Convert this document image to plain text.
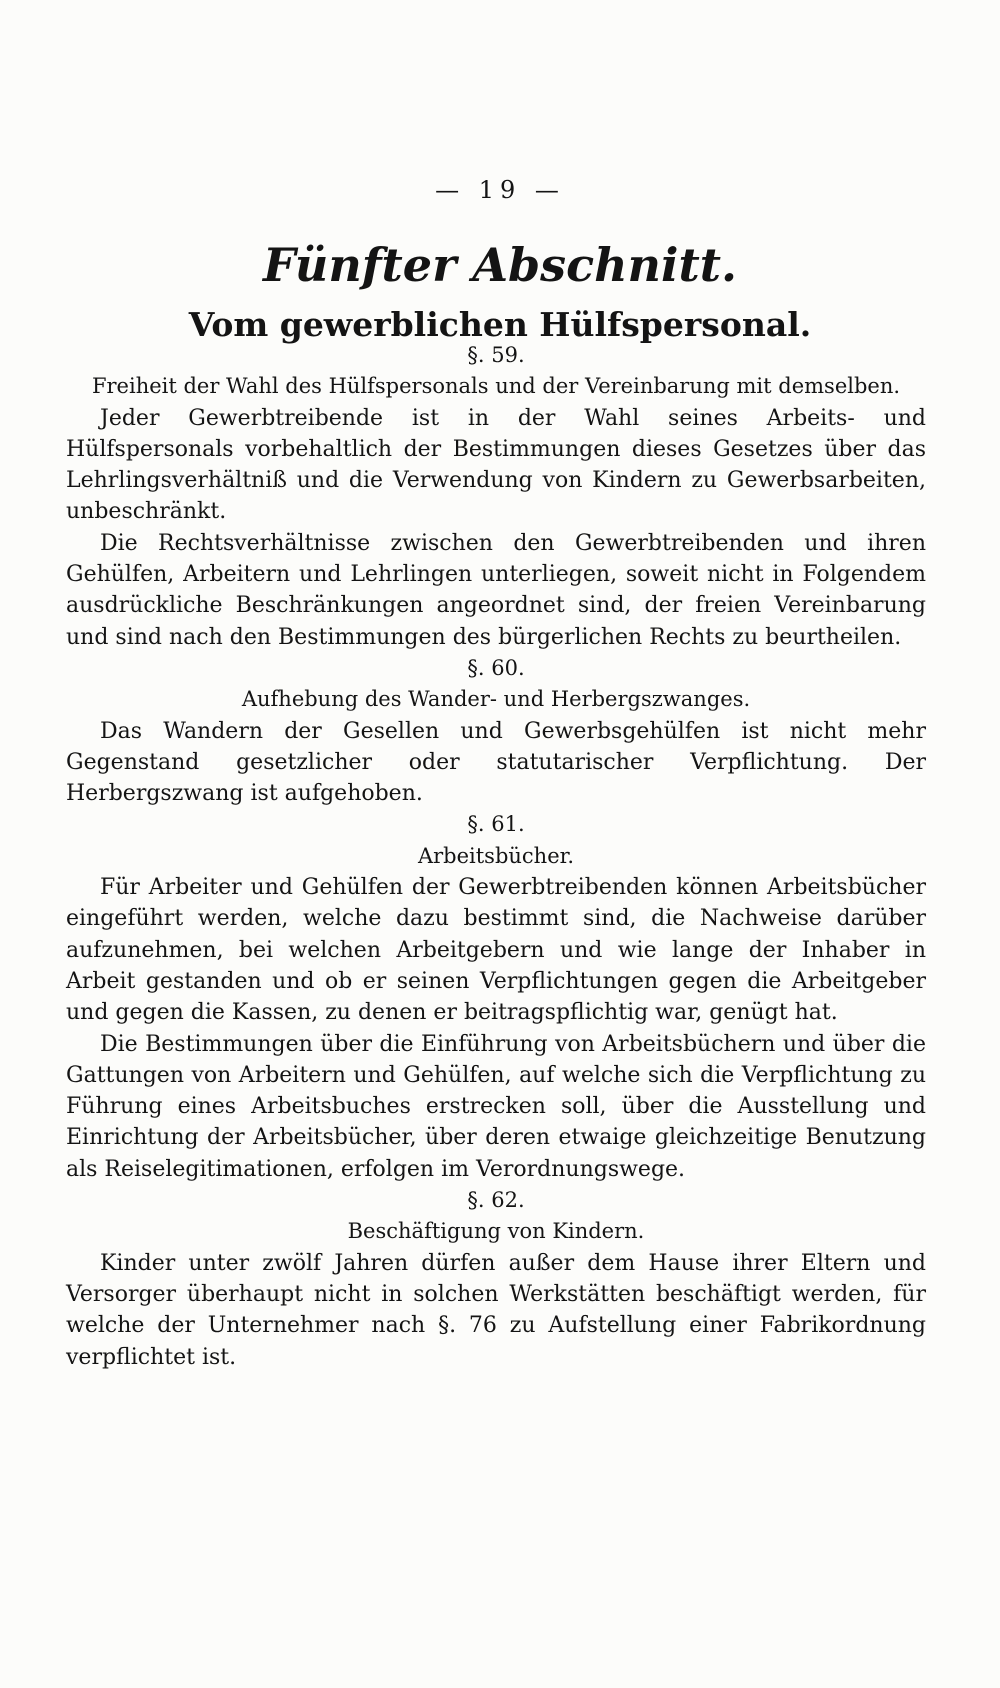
— 19 —
Fünfter Abschnitt.
Vom gewerblichen Hülfspersonal.
§. 59.
Freiheit der Wahl des Hülfspersonals und der Vereinbarung mit demselben.

Jeder Gewerbtreibende ist in der Wahl seines Arbeits- und Hülfspersonals vorbehaltlich der Bestimmungen dieses Gesetzes über das Lehrlingsverhältniß und die Verwendung von Kindern zu Gewerbsarbeiten, unbeschränkt.

Die Rechtsverhältnisse zwischen den Gewerbtreibenden und ihren Gehülfen, Arbeitern und Lehrlingen unterliegen, soweit nicht in Folgendem ausdrückliche Beschränkungen angeordnet sind, der freien Vereinbarung und sind nach den Bestimmungen des bürgerlichen Rechts zu beurtheilen.

§. 60.
Aufhebung des Wander- und Herbergszwanges.

Das Wandern der Gesellen und Gewerbsgehülfen ist nicht mehr Gegenstand gesetzlicher oder statutarischer Verpflichtung. Der Herbergszwang ist aufgehoben.

§. 61.
Arbeitsbücher.

Für Arbeiter und Gehülfen der Gewerbtreibenden können Arbeitsbücher eingeführt werden, welche dazu bestimmt sind, die Nachweise darüber aufzunehmen, bei welchen Arbeitgebern und wie lange der Inhaber in Arbeit gestanden und ob er seinen Verpflichtungen gegen die Arbeitgeber und gegen die Kassen, zu denen er beitragspflichtig war, genügt hat.

Die Bestimmungen über die Einführung von Arbeitsbüchern und über die Gattungen von Arbeitern und Gehülfen, auf welche sich die Verpflichtung zu Führung eines Arbeitsbuches erstrecken soll, über die Ausstellung und Einrichtung der Arbeitsbücher, über deren etwaige gleichzeitige Benutzung als Reiselegitimationen, erfolgen im Verordnungswege.

§. 62.
Beschäftigung von Kindern.

Kinder unter zwölf Jahren dürfen außer dem Hause ihrer Eltern und Versorger überhaupt nicht in solchen Werkstätten beschäftigt werden, für welche der Unternehmer nach §. 76 zu Aufstellung einer Fabrikordnung verpflichtet ist.
